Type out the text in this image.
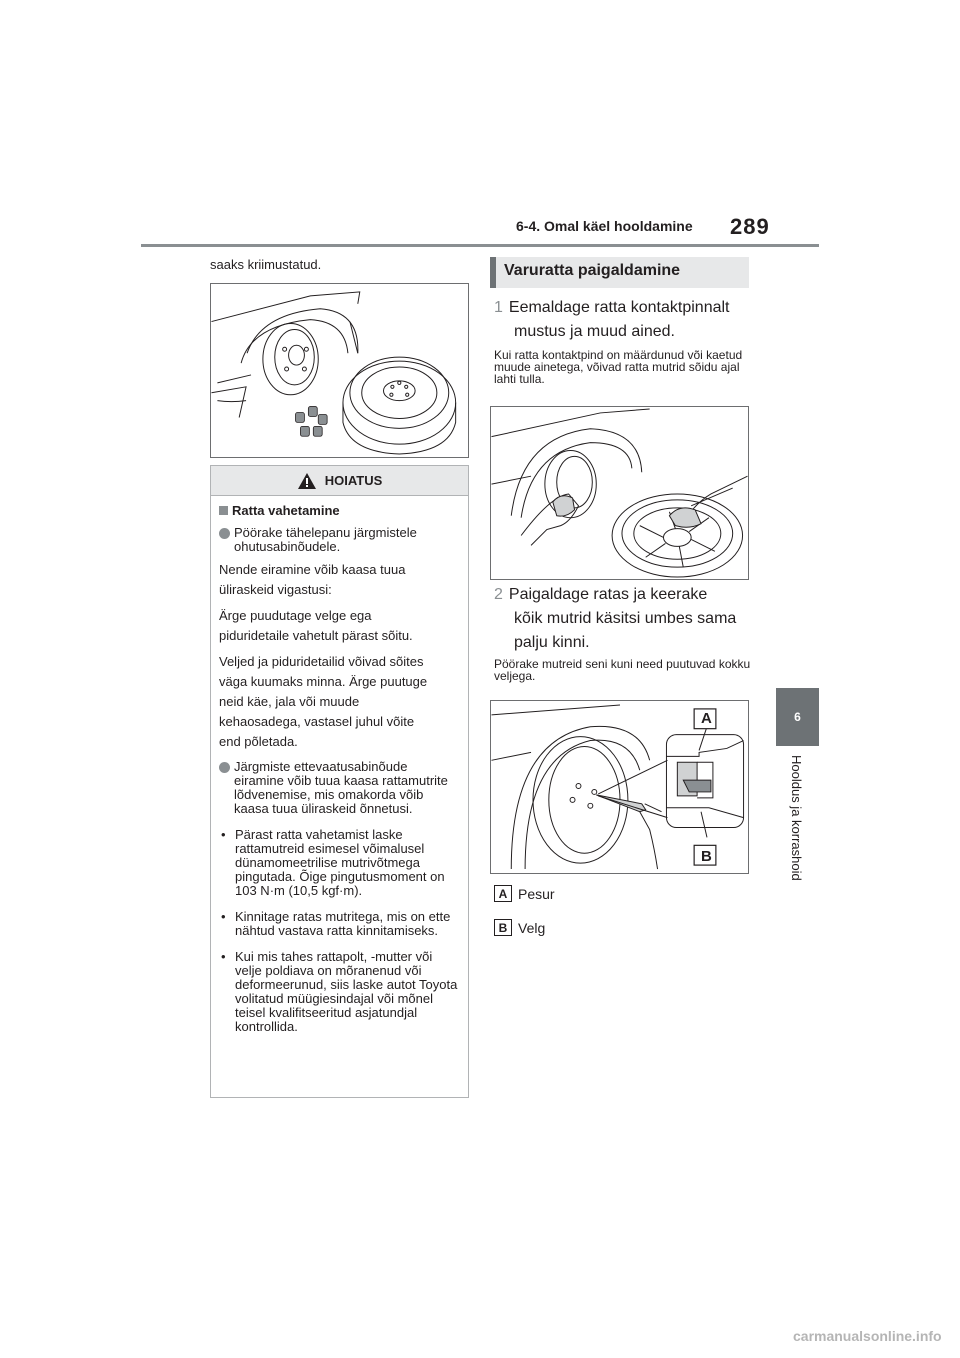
6-4. Omal käel hooldamine 289
6
Hooldus ja korrashoid
saaks kriimustatud.
HOIATUS
Ratta vahetamine
Pöörake tähelepanu järgmistele ohutusabinõudele.
Nende eiramine võib kaasa tuua
üliraskeid vigastusi:
Ärge puudutage velge ega
piduridetaile vahetult pärast sõitu.
Veljed ja piduridetailid võivad sõites
väga kuumaks minna. Ärge puutuge
neid käe, jala või muude
kehaosadega, vastasel juhul võite
end põletada.
Järgmiste ettevaatusabinõude eiramine võib tuua kaasa rattamutrite lõdvenemise, mis omakorda võib kaasa tuua üliraskeid õnnetusi.
• Pärast ratta vahetamist laske rattamutreid esimesel võimalusel dünamomeetrilise mutrivõtmega pingutada. Õige pingutusmoment on 103 N·m (10,5 kgf·m).
• Kinnitage ratas mutritega, mis on ette nähtud vastava ratta kinnitamiseks.
• Kui mis tahes rattapolt, -mutter või velje poldiava on mõranenud või deformeerunud, siis laske autot Toyota volitatud müügiesindajal või mõnel teisel kvalifitseeritud asjatundjal kontrollida.
Varuratta paigaldamine
1 Eemaldage ratta kontaktpinnalt
mustus ja muud ained.
Kui ratta kontaktpind on määrdunud või kaetud muude ainetega, võivad ratta mutrid sõidu ajal lahti tulla.
2 Paigaldage ratas ja keerake
kõik mutrid käsitsi umbes sama
palju kinni.
Pöörake mutreid seni kuni need puutuvad kokku veljega.
A
B
A Pesur
B Velg
carmanualsonline.info
